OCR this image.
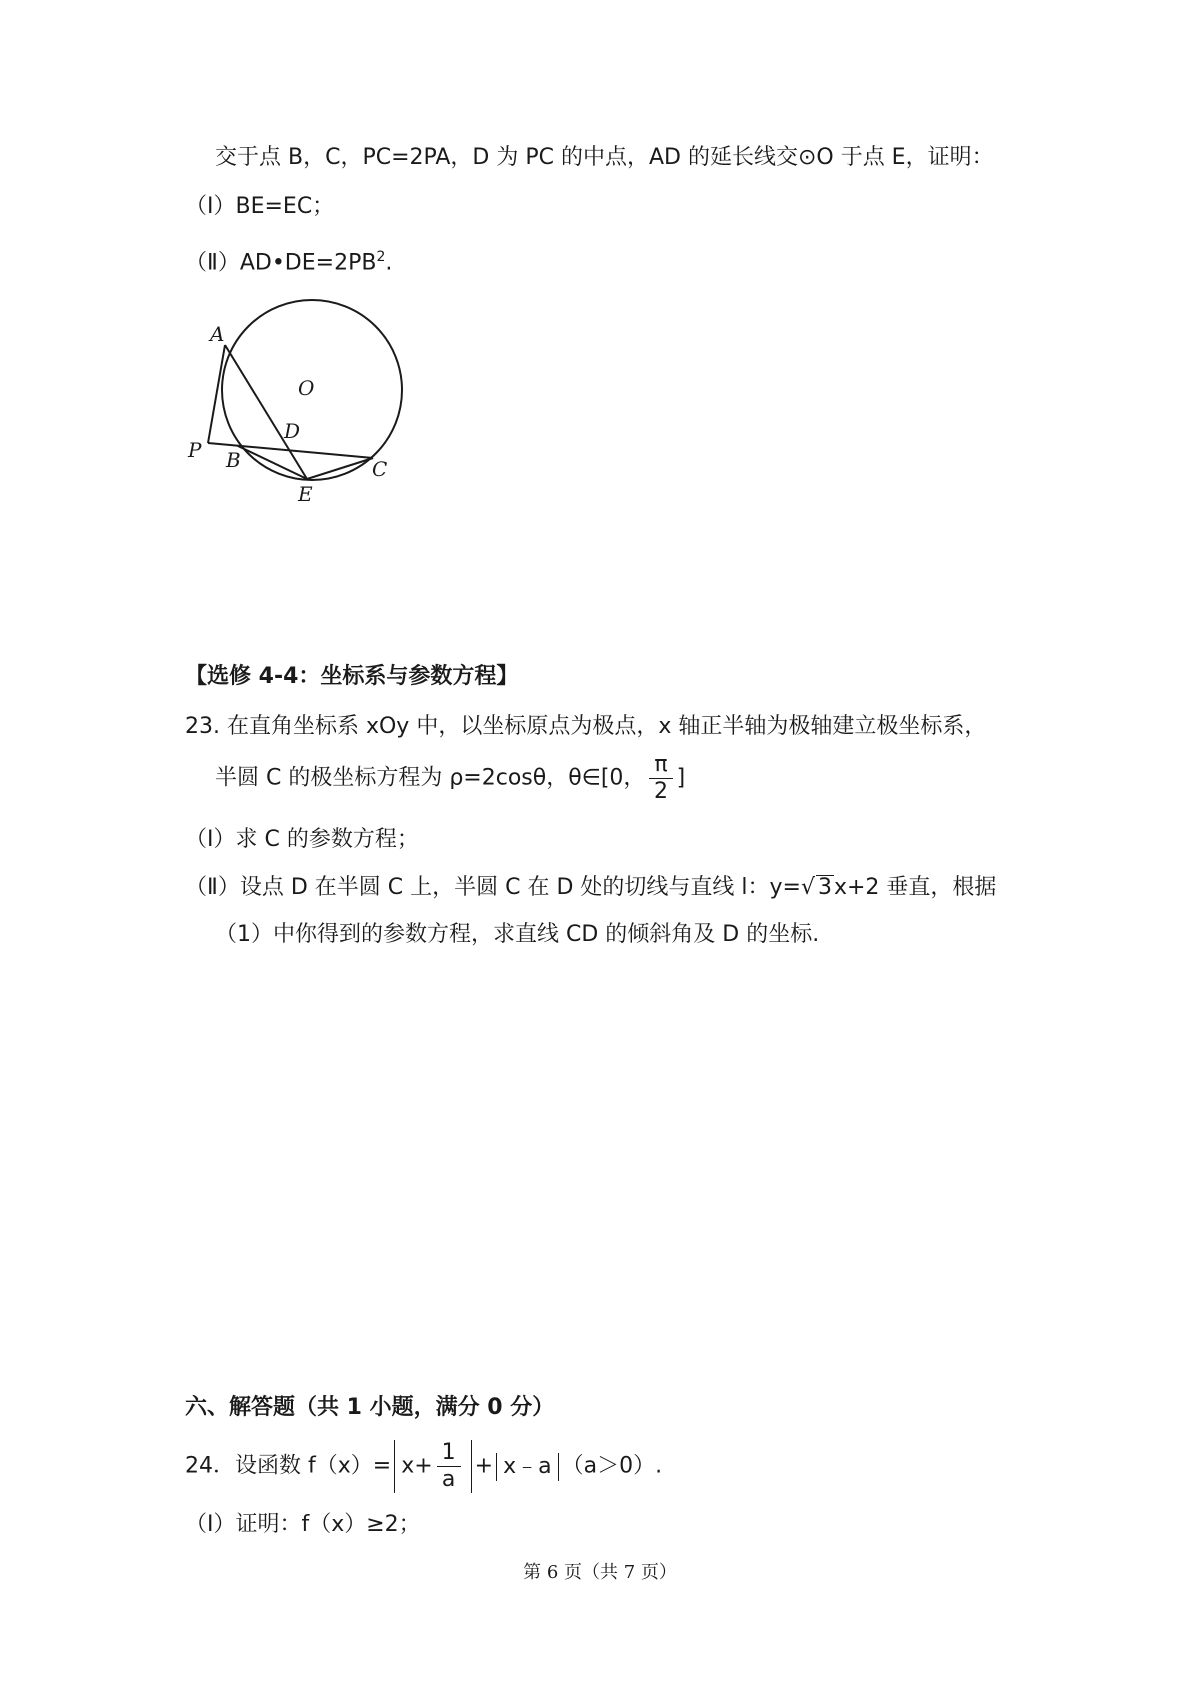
交于点 B，C，PC=2PA，D 为 PC 的中点，AD 的延长线交⊙O 于点 E，证明：
（Ⅰ）BE=EC；
$(Ⅱ)AD•DE=2PB^2$.
A
O
D
P B	C
E
【选修 4-4：坐标系与参数方程】
23. 在直角坐标系 xOy 中，以坐标原点为极点，x 轴正半轴为极轴建立极坐标系，
半圆 C 的极坐标方程为 ρ=2cosθ，θ∈[0， $\frac{\pi}{2}$ ]
（Ⅰ）求 C 的参数方程；
（Ⅱ）设点 D 在半圆 C 上，半圆 C 在 D 处的切线与直线 l：y=√ 3x+2 垂直，根据
（1）中你得到的参数方程，求直线 CD 的倾斜角及 D 的坐标.
六、解答题（共 1 小题，满分 0 分）
24．设函数 $f(x)= x+ \frac{1}{a}$ + x﹣a （a＞0）.
（Ⅰ）证明：f（x）≥2；
第 6 页（共 7 页）
